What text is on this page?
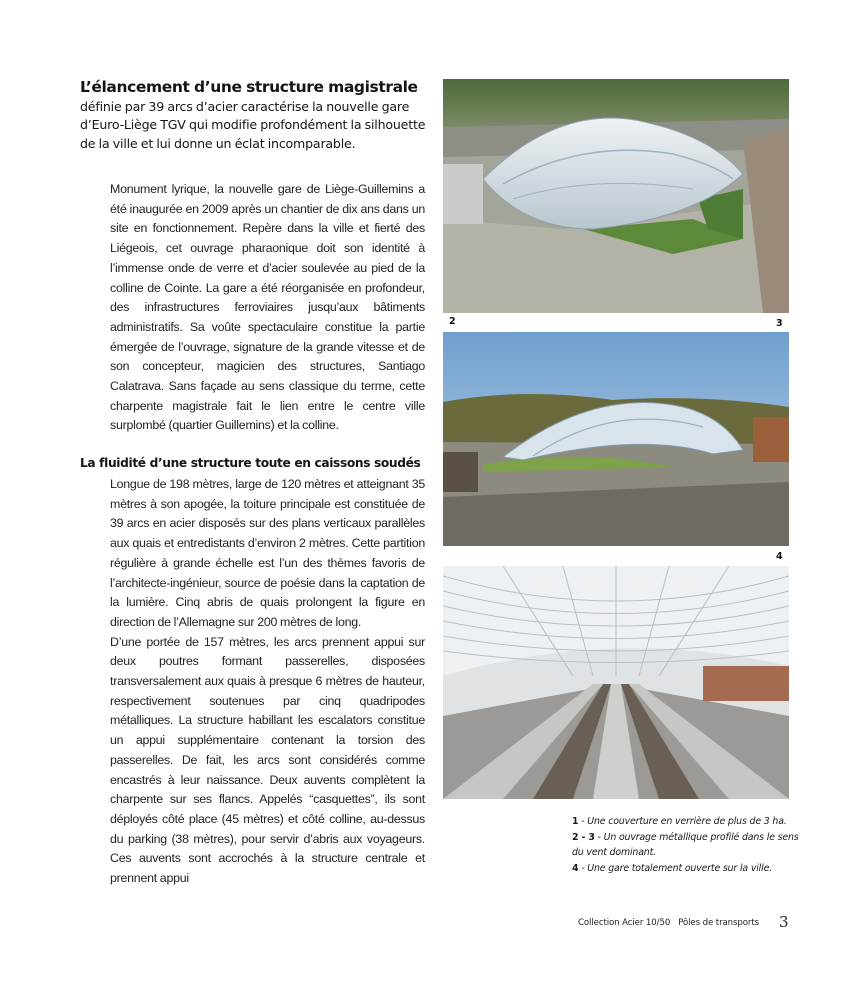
L’élancement d’une structure magistrale définie par 39 arcs d’acier caractérise la nouvelle gare d’Euro-Liège TGV qui modifie profondément la silhouette de la ville et lui donne un éclat incomparable.

Monument lyrique, la nouvelle gare de Liège-Guillemins a été inaugurée en 2009 après un chantier de dix ans dans un site en fonctionnement. Repère dans la ville et fierté des Liégeois, cet ouvrage pharaonique doit son identité à l’immense onde de verre et d’acier soulevée au pied de la colline de Cointe. La gare a été réorganisée en profondeur, des infrastructures ferroviaires jusqu’aux bâtiments administratifs. Sa voûte spectaculaire constitue la partie émergée de l’ouvrage, signature de la grande vitesse et de son concepteur, magicien des structures, Santiago Calatrava. Sans façade au sens classique du terme, cette charpente magistrale fait le lien entre le centre ville surplombé (quartier Guillemins) et la colline.

La fluidité d’une structure toute en caissons soudés

Longue de 198 mètres, large de 120 mètres et atteignant 35 mètres à son apogée, la toiture principale est constituée de 39 arcs en acier disposés sur des plans verticaux parallèles aux quais et entredistants d’environ 2 mètres. Cette partition régulière à grande échelle est l’un des thèmes favoris de l’architecte-ingénieur, source de poésie dans la captation de la lumière. Cinq abris de quais prolongent la figure en direction de l’Allemagne sur 200 mètres de long.

D’une portée de 157 mètres, les arcs prennent appui sur deux poutres formant passerelles, disposées transversalement aux quais à presque 6 mètres de hauteur, respectivement soutenues par cinq quadripodes métalliques. La structure habillant les escalators constitue un appui supplémentaire contenant la torsion des passerelles. De fait, les arcs sont considérés comme encastrés à leur naissance. Deux auvents complètent la charpente sur ses flancs. Appelés “casquettes”, ils sont déployés côté place (45 mètres) et côté colline, au-dessus du parking (38 mètres), pour servir d’abris aux voyageurs. Ces auvents sont accrochés à la structure centrale et prennent appui

2	3
4
1 - Une couverture en verrière de plus de 3 ha.
2 - 3 - Un ouvrage métallique profilé dans le sens du vent dominant.
4 - Une gare totalement ouverte sur la ville.
Collection Acier 10/50 Pôles de transports 3
